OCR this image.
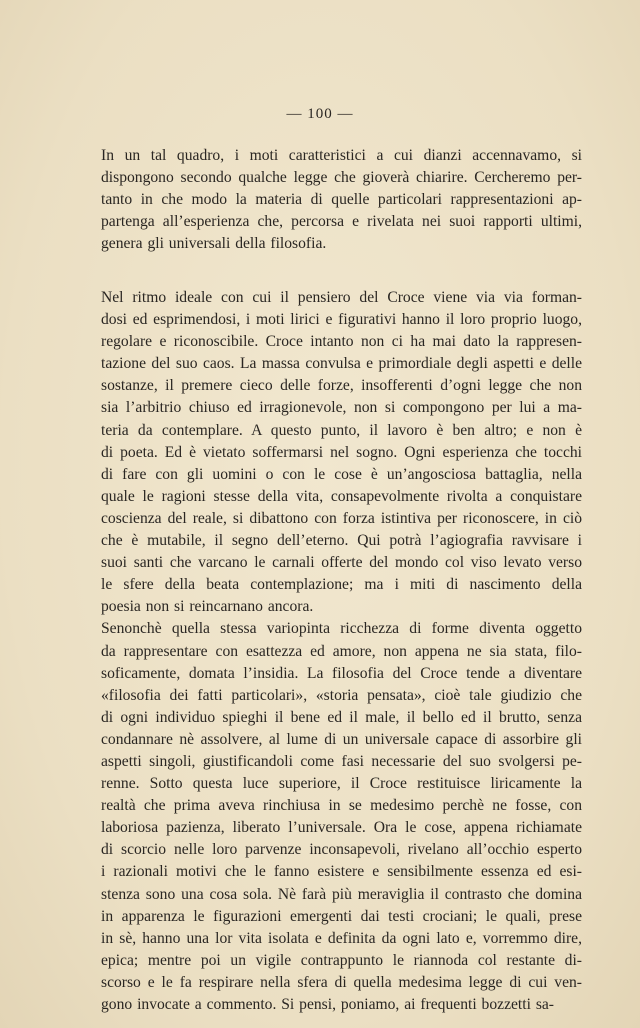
— 100 —
In un tal quadro, i moti caratteristici a cui dianzi accennavamo, si
dispongono secondo qualche legge che gioverà chiarire. Cercheremo per-
tanto in che modo la materia di quelle particolari rappresentazioni ap-
partenga all’esperienza che, percorsa e rivelata nei suoi rapporti ultimi,
genera gli universali della filosofia.
Nel ritmo ideale con cui il pensiero del Croce viene via via forman-
dosi ed esprimendosi, i moti lirici e figurativi hanno il loro proprio luogo,
regolare e riconoscibile. Croce intanto non ci ha mai dato la rappresen-
tazione del suo caos. La massa convulsa e primordiale degli aspetti e delle
sostanze, il premere cieco delle forze, insofferenti d’ogni legge che non
sia l’arbitrio chiuso ed irragionevole, non si compongono per lui a ma-
teria da contemplare. A questo punto, il lavoro è ben altro; e non è
di poeta. Ed è vietato soffermarsi nel sogno. Ogni esperienza che tocchi
di fare con gli uomini o con le cose è un’angosciosa battaglia, nella
quale le ragioni stesse della vita, consapevolmente rivolta a conquistare
coscienza del reale, si dibattono con forza istintiva per riconoscere, in ciò
che è mutabile, il segno dell’eterno. Qui potrà l’agiografia ravvisare i
suoi santi che varcano le carnali offerte del mondo col viso levato verso
le sfere della beata contemplazione; ma i miti di nascimento della
poesia non si reincarnano ancora.
Senonchè quella stessa variopinta ricchezza di forme diventa oggetto
da rappresentare con esattezza ed amore, non appena ne sia stata, filo-
soficamente, domata l’insidia. La filosofia del Croce tende a diventare
«filosofia dei fatti particolari», «storia pensata», cioè tale giudizio che
di ogni individuo spieghi il bene ed il male, il bello ed il brutto, senza
condannare nè assolvere, al lume di un universale capace di assorbire gli
aspetti singoli, giustificandoli come fasi necessarie del suo svolgersi pe-
renne. Sotto questa luce superiore, il Croce restituisce liricamente la
realtà che prima aveva rinchiusa in se medesimo perchè ne fosse, con
laboriosa pazienza, liberato l’universale. Ora le cose, appena richiamate
di scorcio nelle loro parvenze inconsapevoli, rivelano all’occhio esperto
i razionali motivi che le fanno esistere e sensibilmente essenza ed esi-
stenza sono una cosa sola. Nè farà più meraviglia il contrasto che domina
in apparenza le figurazioni emergenti dai testi crociani; le quali, prese
in sè, hanno una lor vita isolata e definita da ogni lato e, vorremmo dire,
epica; mentre poi un vigile contrappunto le riannoda col restante di-
scorso e le fa respirare nella sfera di quella medesima legge di cui ven-
gono invocate a commento. Si pensi, poniamo, ai frequenti bozzetti sa-
